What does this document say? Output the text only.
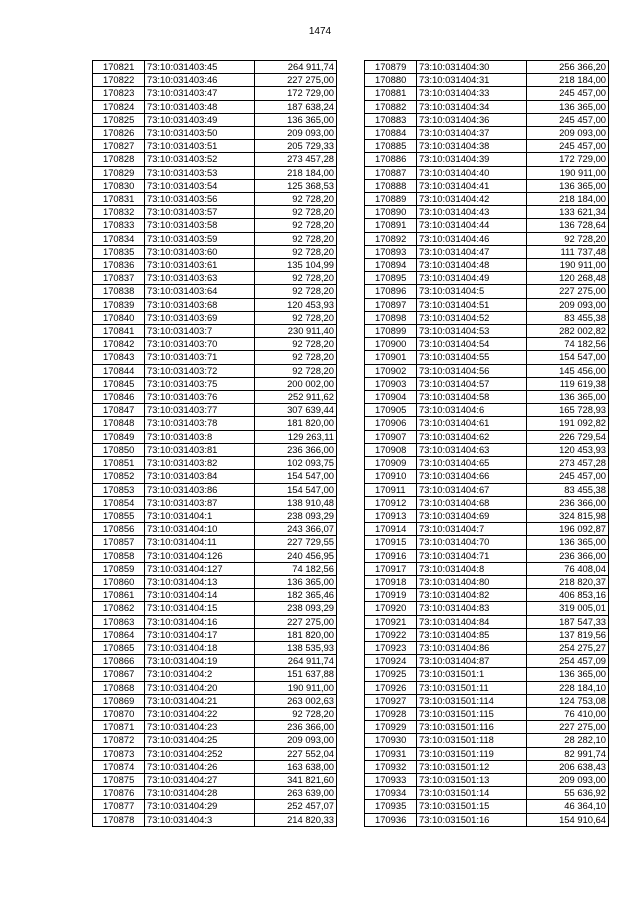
1474
170821	73:10:031403:45	264 911,74
170822	73:10:031403:46	227 275,00
170823	73:10:031403:47	172 729,00
170824	73:10:031403:48	187 638,24
170825	73:10:031403:49	136 365,00
170826	73:10:031403:50	209 093,00
170827	73:10:031403:51	205 729,33
170828	73:10:031403:52	273 457,28
170829	73:10:031403:53	218 184,00
170830	73:10:031403:54	125 368,53
170831	73:10:031403:56	92 728,20
170832	73:10:031403:57	92 728,20
170833	73:10:031403:58	92 728,20
170834	73:10:031403:59	92 728,20
170835	73:10:031403:60	92 728,20
170836	73:10:031403:61	135 104,99
170837	73:10:031403:63	92 728,20
170838	73:10:031403:64	92 728,20
170839	73:10:031403:68	120 453,93
170840	73:10:031403:69	92 728,20
170841	73:10:031403:7	230 911,40
170842	73:10:031403:70	92 728,20
170843	73:10:031403:71	92 728,20
170844	73:10:031403:72	92 728,20
170845	73:10:031403:75	200 002,00
170846	73:10:031403:76	252 911,62
170847	73:10:031403:77	307 639,44
170848	73:10:031403:78	181 820,00
170849	73:10:031403:8	129 263,11
170850	73:10:031403:81	236 366,00
170851	73:10:031403:82	102 093,75
170852	73:10:031403:84	154 547,00
170853	73:10:031403:86	154 547,00
170854	73:10:031403:87	138 910,48
170855	73:10:031404:1	238 093,29
170856	73:10:031404:10	243 366,07
170857	73:10:031404:11	227 729,55
170858	73:10:031404:126	240 456,95
170859	73:10:031404:127	74 182,56
170860	73:10:031404:13	136 365,00
170861	73:10:031404:14	182 365,46
170862	73:10:031404:15	238 093,29
170863	73:10:031404:16	227 275,00
170864	73:10:031404:17	181 820,00
170865	73:10:031404:18	138 535,93
170866	73:10:031404:19	264 911,74
170867	73:10:031404:2	151 637,88
170868	73:10:031404:20	190 911,00
170869	73:10:031404:21	263 002,63
170870	73:10:031404:22	92 728,20
170871	73:10:031404:23	236 366,00
170872	73:10:031404:25	209 093,00
170873	73:10:031404:252	227 552,04
170874	73:10:031404:26	163 638,00
170875	73:10:031404:27	341 821,60
170876	73:10:031404:28	263 639,00
170877	73:10:031404:29	252 457,07
170878	73:10:031404:3	214 820,33
170879	73:10:031404:30	256 366,20
170880	73:10:031404:31	218 184,00
170881	73:10:031404:33	245 457,00
170882	73:10:031404:34	136 365,00
170883	73:10:031404:36	245 457,00
170884	73:10:031404:37	209 093,00
170885	73:10:031404:38	245 457,00
170886	73:10:031404:39	172 729,00
170887	73:10:031404:40	190 911,00
170888	73:10:031404:41	136 365,00
170889	73:10:031404:42	218 184,00
170890	73:10:031404:43	133 621,34
170891	73:10:031404:44	136 728,64
170892	73:10:031404:46	92 728,20
170893	73:10:031404:47	111 737,48
170894	73:10:031404:48	190 911,00
170895	73:10:031404:49	120 268,48
170896	73:10:031404:5	227 275,00
170897	73:10:031404:51	209 093,00
170898	73:10:031404:52	83 455,38
170899	73:10:031404:53	282 002,82
170900	73:10:031404:54	74 182,56
170901	73:10:031404:55	154 547,00
170902	73:10:031404:56	145 456,00
170903	73:10:031404:57	119 619,38
170904	73:10:031404:58	136 365,00
170905	73:10:031404:6	165 728,93
170906	73:10:031404:61	191 092,82
170907	73:10:031404:62	226 729,54
170908	73:10:031404:63	120 453,93
170909	73:10:031404:65	273 457,28
170910	73:10:031404:66	245 457,00
170911	73:10:031404:67	83 455,38
170912	73:10:031404:68	236 366,00
170913	73:10:031404:69	324 815,98
170914	73:10:031404:7	196 092,87
170915	73:10:031404:70	136 365,00
170916	73:10:031404:71	236 366,00
170917	73:10:031404:8	76 408,04
170918	73:10:031404:80	218 820,37
170919	73:10:031404:82	406 853,16
170920	73:10:031404:83	319 005,01
170921	73:10:031404:84	187 547,33
170922	73:10:031404:85	137 819,56
170923	73:10:031404:86	254 275,27
170924	73:10:031404:87	254 457,09
170925	73:10:031501:1	136 365,00
170926	73:10:031501:11	228 184,10
170927	73:10:031501:114	124 753,08
170928	73:10:031501:115	76 410,00
170929	73:10:031501:116	227 275,00
170930	73:10:031501:118	28 282,10
170931	73:10:031501:119	82 991,74
170932	73:10:031501:12	206 638,43
170933	73:10:031501:13	209 093,00
170934	73:10:031501:14	55 636,92
170935	73:10:031501:15	46 364,10
170936	73:10:031501:16	154 910,64
